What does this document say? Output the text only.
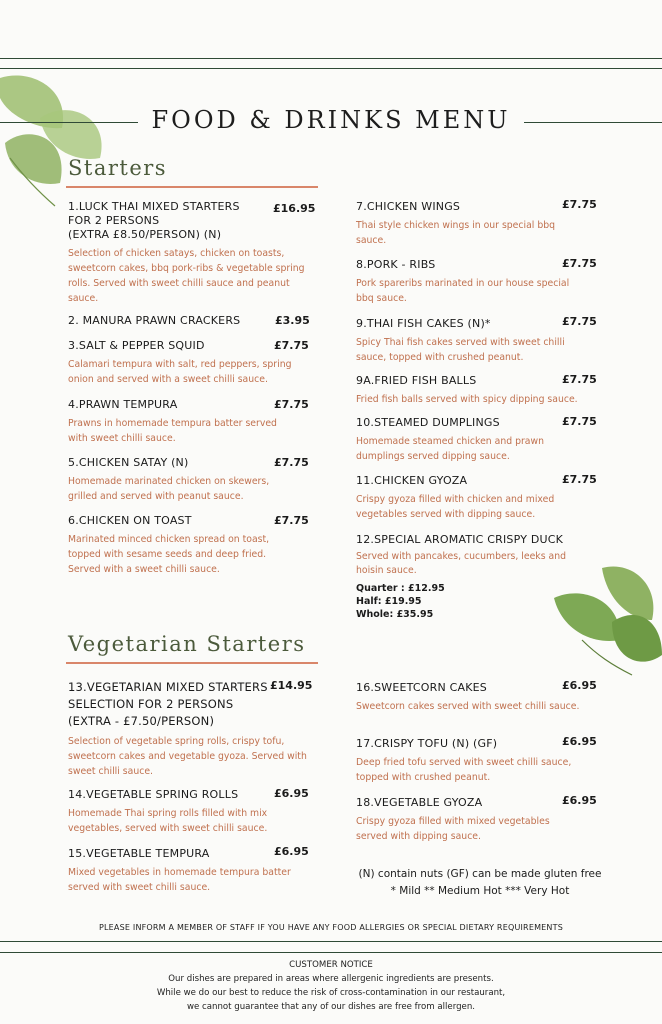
FOOD & DRINKS MENU
Starters
1.LUCK THAI MIXED STARTERS
FOR 2 PERSONS
(EXTRA £8.50/PERSON) (N)
£16.95
Selection of chicken satays, chicken on toasts, sweetcorn cakes, bbq pork-ribs & vegetable spring rolls. Served with sweet chilli sauce and peanut sauce.
2. MANURA PRAWN CRACKERS	£3.95
3.SALT & PEPPER SQUID	£7.75
Calamari tempura with salt, red peppers, spring onion and served with a sweet chilli sauce.
4.PRAWN TEMPURA	£7.75
Prawns in homemade tempura batter served with sweet chilli sauce.
5.CHICKEN SATAY (N)	£7.75
Homemade marinated chicken on skewers, grilled and served with peanut sauce.
6.CHICKEN ON TOAST	£7.75
Marinated minced chicken spread on toast, topped with sesame seeds and deep fried. Served with a sweet chilli sauce.
7.CHICKEN WINGS	£7.75
Thai style chicken wings in our special bbq sauce.
8.PORK - RIBS	£7.75
Pork spareribs marinated in our house special bbq sauce.
9.THAI FISH CAKES (N)*	£7.75
Spicy Thai fish cakes served with sweet chilli sauce, topped with crushed peanut.
9A.FRIED FISH BALLS	£7.75
Fried fish balls served with spicy dipping sauce.
10.STEAMED DUMPLINGS	£7.75
Homemade steamed chicken and prawn dumplings served dipping sauce.
11.CHICKEN GYOZA	£7.75
Crispy gyoza filled with chicken and mixed vegetables served with dipping sauce.
12.SPECIAL AROMATIC CRISPY DUCK
Served with pancakes, cucumbers, leeks and hoisin sauce.
Quarter : £12.95
Half: £19.95
Whole: £35.95
Vegetarian Starters
13.VEGETARIAN MIXED STARTERS
SELECTION FOR 2 PERSONS
(EXTRA - £7.50/PERSON)
£14.95
Selection of vegetable spring rolls, crispy tofu, sweetcorn cakes and vegetable gyoza. Served with sweet chilli sauce.
14.VEGETABLE SPRING ROLLS	£6.95
Homemade Thai spring rolls filled with mix vegetables, served with sweet chilli sauce.
15.VEGETABLE TEMPURA	£6.95
Mixed vegetables in homemade tempura batter served with sweet chilli sauce.
16.SWEETCORN CAKES	£6.95
Sweetcorn cakes served with sweet chilli sauce.
17.CRISPY TOFU (N) (GF)	£6.95
Deep fried tofu served with sweet chilli sauce, topped with crushed peanut.
18.VEGETABLE GYOZA	£6.95
Crispy gyoza filled with mixed vegetables served with dipping sauce.
(N) contain nuts (GF) can be made gluten free
* Mild ** Medium Hot *** Very Hot
PLEASE INFORM A MEMBER OF STAFF IF YOU HAVE ANY FOOD ALLERGIES OR SPECIAL DIETARY REQUIREMENTS
CUSTOMER NOTICE
Our dishes are prepared in areas where allergenic ingredients are presents.
While we do our best to reduce the risk of cross-contamination in our restaurant,
we cannot guarantee that any of our dishes are free from allergen.
